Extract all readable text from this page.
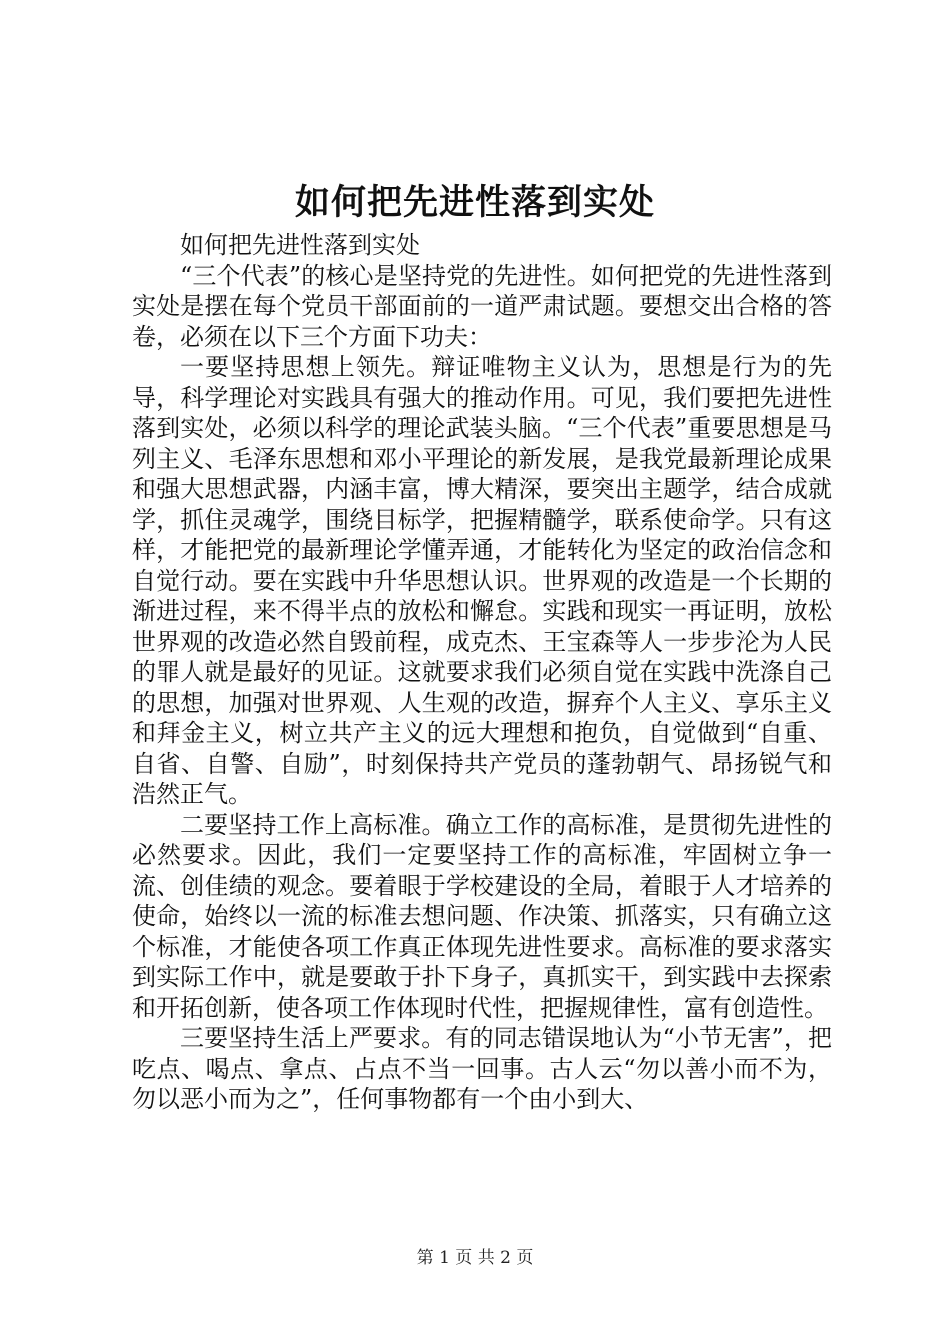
如何把先进性落到实处

如何把先进性落到实处

“三个代表”的核心是坚持党的先进性。如何把党的先进性落到实处是摆在每个党员干部面前的一道严肃试题。要想交出合格的答卷，必须在以下三个方面下功夫：

一要坚持思想上领先。辩证唯物主义认为，思想是行为的先导，科学理论对实践具有强大的推动作用。可见，我们要把先进性落到实处，必须以科学的理论武装头脑。“三个代表”重要思想是马列主义、毛泽东思想和邓小平理论的新发展，是我党最新理论成果和强大思想武器，内涵丰富，博大精深，要突出主题学，结合成就学，抓住灵魂学，围绕目标学，把握精髓学，联系使命学。只有这样，才能把党的最新理论学懂弄通，才能转化为坚定的政治信念和自觉行动。要在实践中升华思想认识。世界观的改造是一个长期的渐进过程，来不得半点的放松和懈怠。实践和现实一再证明，放松世界观的改造必然自毁前程，成克杰、王宝森等人一步步沦为人民的罪人就是最好的见证。这就要求我们必须自觉在实践中洗涤自己的思想，加强对世界观、人生观的改造，摒弃个人主义、享乐主义和拜金主义，树立共产主义的远大理想和抱负，自觉做到“自重、自省、自警、自励”，时刻保持共产党员的蓬勃朝气、昂扬锐气和浩然正气。

二要坚持工作上高标准。确立工作的高标准，是贯彻先进性的必然要求。因此，我们一定要坚持工作的高标准，牢固树立争一流、创佳绩的观念。要着眼于学校建设的全局，着眼于人才培养的使命，始终以一流的标准去想问题、作决策、抓落实，只有确立这个标准，才能使各项工作真正体现先进性要求。高标准的要求落实到实际工作中，就是要敢于扑下身子，真抓实干，到实践中去探索和开拓创新，使各项工作体现时代性，把握规律性，富有创造性。

三要坚持生活上严要求。有的同志错误地认为“小节无害”，把吃点、喝点、拿点、占点不当一回事。古人云“勿以善小而不为，勿以恶小而为之”，任何事物都有一个由小到大、

第 1 页 共 2 页
